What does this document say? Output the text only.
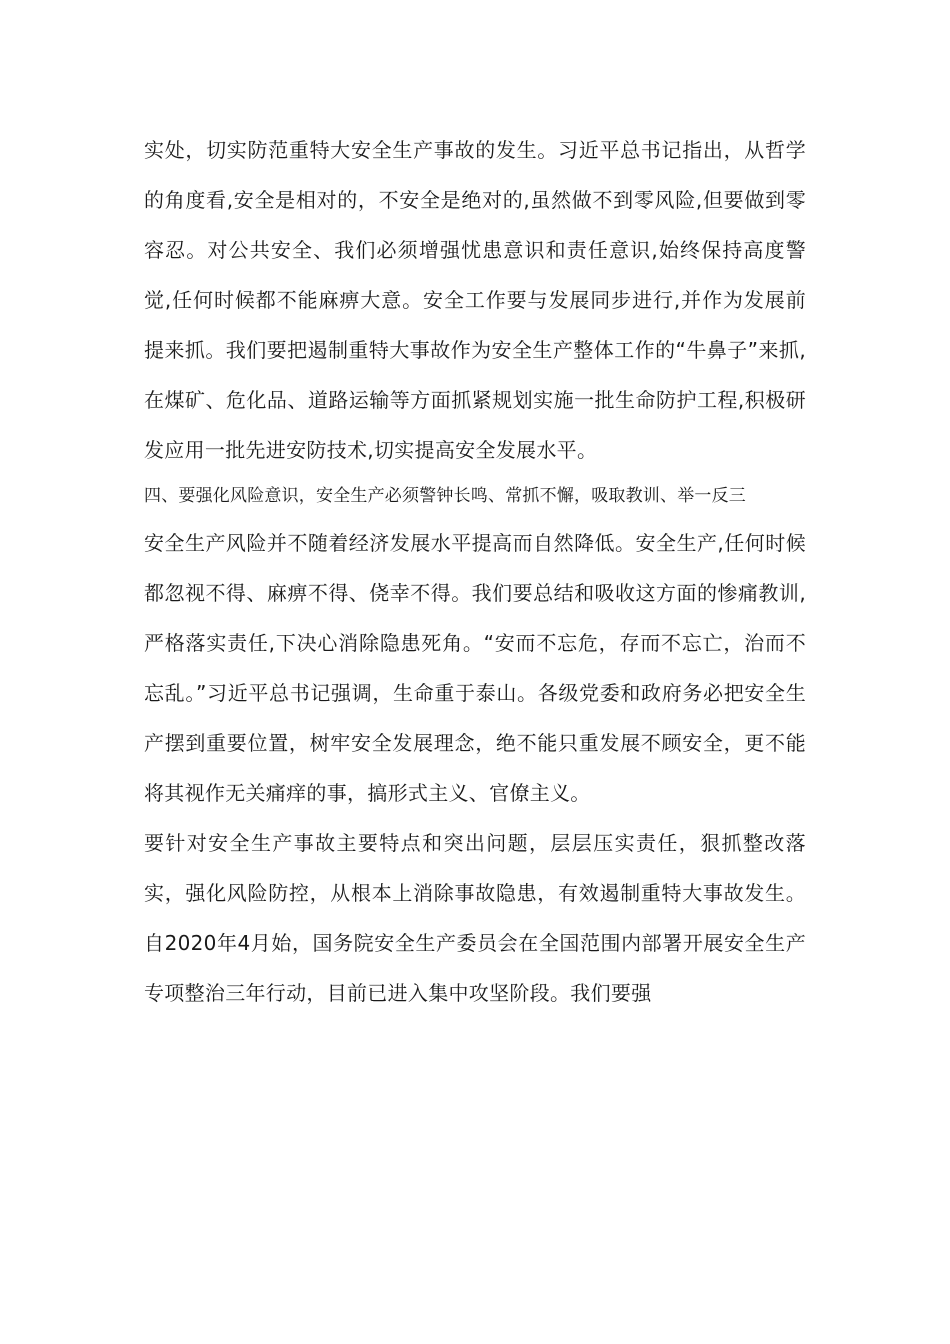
实处，切实防范重特大安全生产事故的发生。习近平总书记指出，从哲学的角度看,安全是相对的，不安全是绝对的,虽然做不到零风险,但要做到零容忍。对公共安全、我们必须增强忧患意识和责任意识,始终保持高度警觉,任何时候都不能麻痹大意。安全工作要与发展同步进行,并作为发展前提来抓。我们要把遏制重特大事故作为安全生产整体工作的“牛鼻子”来抓,在煤矿、危化品、道路运输等方面抓紧规划实施一批生命防护工程,积极研发应用一批先进安防技术,切实提高安全发展水平。

四、要强化风险意识，安全生产必须警钟长鸣、常抓不懈，吸取教训、举一反三

安全生产风险并不随着经济发展水平提高而自然降低。安全生产,任何时候都忽视不得、麻痹不得、侥幸不得。我们要总结和吸收这方面的惨痛教训,严格落实责任,下决心消除隐患死角。“安而不忘危，存而不忘亡，治而不忘乱。”习近平总书记强调，生命重于泰山。各级党委和政府务必把安全生产摆到重要位置，树牢安全发展理念，绝不能只重发展不顾安全，更不能将其视作无关痛痒的事，搞形式主义、官僚主义。

要针对安全生产事故主要特点和突出问题，层层压实责任，狠抓整改落实，强化风险防控，从根本上消除事故隐患，有效遏制重特大事故发生。自2020年4月始，国务院安全生产委员会在全国范围内部署开展安全生产专项整治三年行动，目前已进入集中攻坚阶段。我们要强
